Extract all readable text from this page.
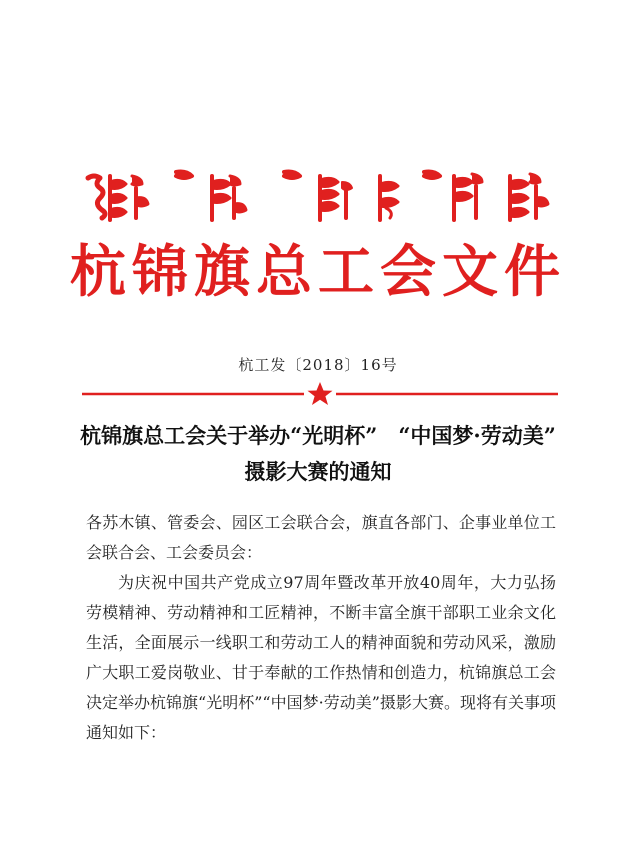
杭锦旗总工会文件
杭工发〔2018〕16号
杭锦旗总工会关于举办“光明杯”　“中国梦·劳动美”
摄影大赛的通知

各苏木镇、管委会、园区工会联合会，旗直各部门、企事业单位工会联合会、工会委员会：

为庆祝中国共产党成立97周年暨改革开放40周年，大力弘扬劳模精神、劳动精神和工匠精神，不断丰富全旗干部职工业余文化生活，全面展示一线职工和劳动工人的精神面貌和劳动风采，激励广大职工爱岗敬业、甘于奉献的工作热情和创造力，杭锦旗总工会决定举办杭锦旗“光明杯”“中国梦·劳动美”摄影大赛。现将有关事项通知如下：
